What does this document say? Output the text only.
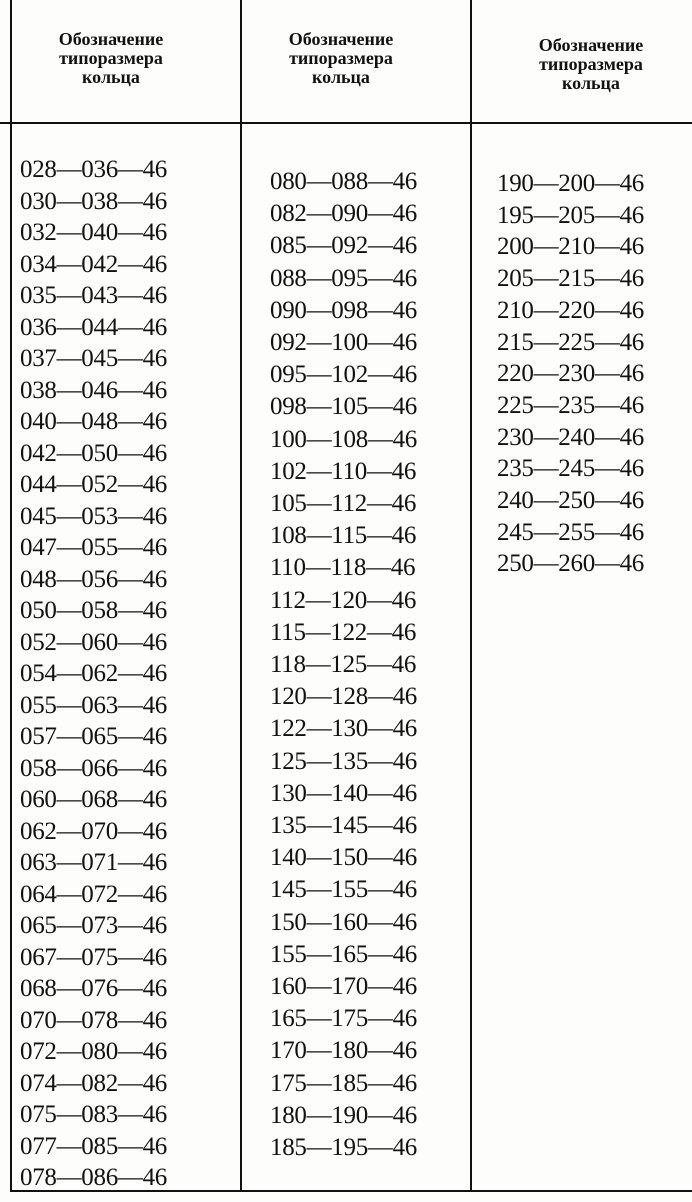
Обозначение
типоразмера
кольца
Обозначение
типоразмера
кольца
Обозначение
типоразмера
кольца
028—036—46
030—038—46
032—040—46
034—042—46
035—043—46
036—044—46
037—045—46
038—046—46
040—048—46
042—050—46
044—052—46
045—053—46
047—055—46
048—056—46
050—058—46
052—060—46
054—062—46
055—063—46
057—065—46
058—066—46
060—068—46
062—070—46
063—071—46
064—072—46
065—073—46
067—075—46
068—076—46
070—078—46
072—080—46
074—082—46
075—083—46
077—085—46
078—086—46
080—088—46
082—090—46
085—092—46
088—095—46
090—098—46
092—100—46
095—102—46
098—105—46
100—108—46
102—110—46
105—112—46
108—115—46
110—118—46
112—120—46
115—122—46
118—125—46
120—128—46
122—130—46
125—135—46
130—140—46
135—145—46
140—150—46
145—155—46
150—160—46
155—165—46
160—170—46
165—175—46
170—180—46
175—185—46
180—190—46
185—195—46
190—200—46
195—205—46
200—210—46
205—215—46
210—220—46
215—225—46
220—230—46
225—235—46
230—240—46
235—245—46
240—250—46
245—255—46
250—260—46
